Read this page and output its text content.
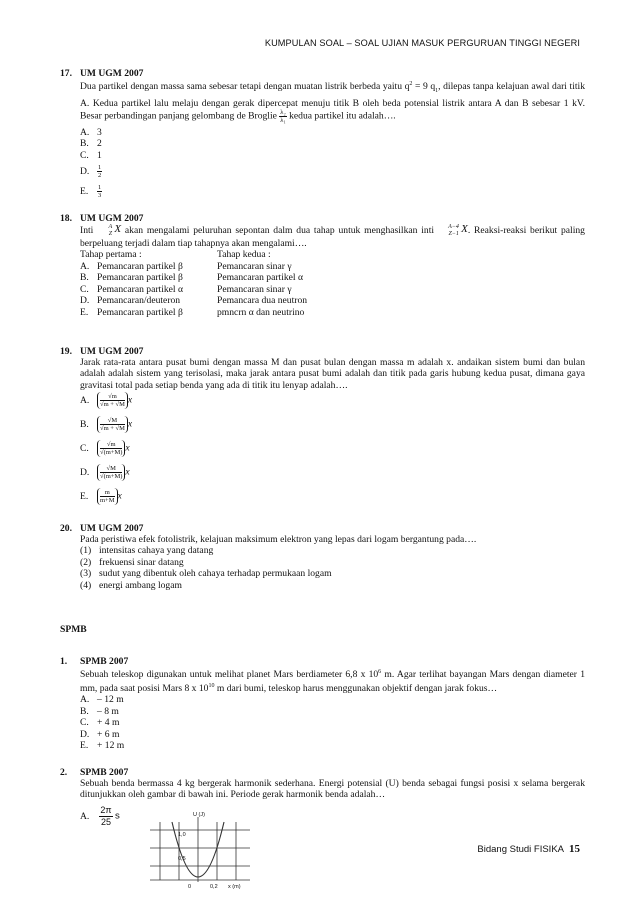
KUMPULAN SOAL – SOAL UJIAN MASUK PERGURUAN TINGGI NEGERI
17. UM UGM 2007
Dua partikel dengan massa sama sebesar tetapi dengan muatan listrik berbeda yaitu $q^2 = 9$ $q_1$, dilepas tanpa kelajuan awal dari titik A. Kedua partikel lalu melaju dengan gerak dipercepat menuju titik B oleh beda potensial listrik antara A dan B sebesar 1 kV. Besar perbandingan panjang gelombang de Broglie $\frac{\text{λ₂}}{\text{λ₁}}$ kedua partikel itu adalah….
A. 3
B. 2
C. 1
D. $\frac{1}{2}$
E. $\frac{1}{3}$
18. UM UGM 2007
Inti	A
Z X akan mengalami peluruhan sepontan dalm dua tahap untuk menghasilkan inti A−4
Z−1 X . Reaksi-reaksi berikut paling berpeluang terjadi dalam tiap tahapnya akan mengalami….
Tahap pertama :		Tahap kedua :
A.	Pemancaran partikel β	Pemancaran sinar γ
B.	Pemancaran partikel β	Pemancaran partikel α
C.	Pemancaran partikel α	Pemancaran sinar γ
D.	Pemancaran/deuteron	Pemancara dua neutron
E.	Pemancaran partikel β	pmncrn α dan neutrino
19. UM UGM 2007
Jarak rata-rata antara pusat bumi dengan massa M dan pusat bulan dengan massa m adalah x. andaikan sistem bumi dan bulan adalah adalah sistem yang terisolasi, maka jarak antara pusat bumi adalah dan titik pada garis hubung kedua pusat, dimana gaya gravitasi total pada setiap benda yang ada di titik itu lenyap adalah….
A. $\frac{√m}{√m + √M}$ x
B. $\frac{√M}{√m + √M}$ x
C. $\frac{√m}{√(m+M)}$ x
D. $\frac{√M}{√(m+M)}$ x
E. $\frac{m}{m+M}$ x
20. UM UGM 2007
Pada peristiwa efek fotolistrik, kelajuan maksimum elektron yang lepas dari logam bergantung pada….
(1) intensitas cahaya yang datang
(2) frekuensi sinar datang
(3) sudut yang dibentuk oleh cahaya terhadap permukaan logam
(4) energi ambang logam
SPMB
1. SPMB 2007
Sebuah teleskop digunakan untuk melihat planet Mars berdiameter 6,8 x $10^6$ m. Agar terlihat bayangan Mars dengan diameter 1 mm, pada saat posisi Mars 8 x $10^{10}$ m dari bumi, teleskop harus menggunakan objektif dengan jarak fokus…
A. – 12 m
B. – 8 m
C. + 4 m
D. + 6 m
E. + 12 m
2. SPMB 2007
Sebuah benda bermassa 4 kg bergerak harmonik sederhana. Energi potensial (U) benda sebagai fungsi posisi x selama bergerak ditunjukkan oleh gambar di bawah ini. Periode gerak harmonik benda adalah…
A. $\frac{2\pi}{25}$ s	U (J)
1,0
0,5
0	0,2 x (m)
Bidang Studi FISIKA 15
